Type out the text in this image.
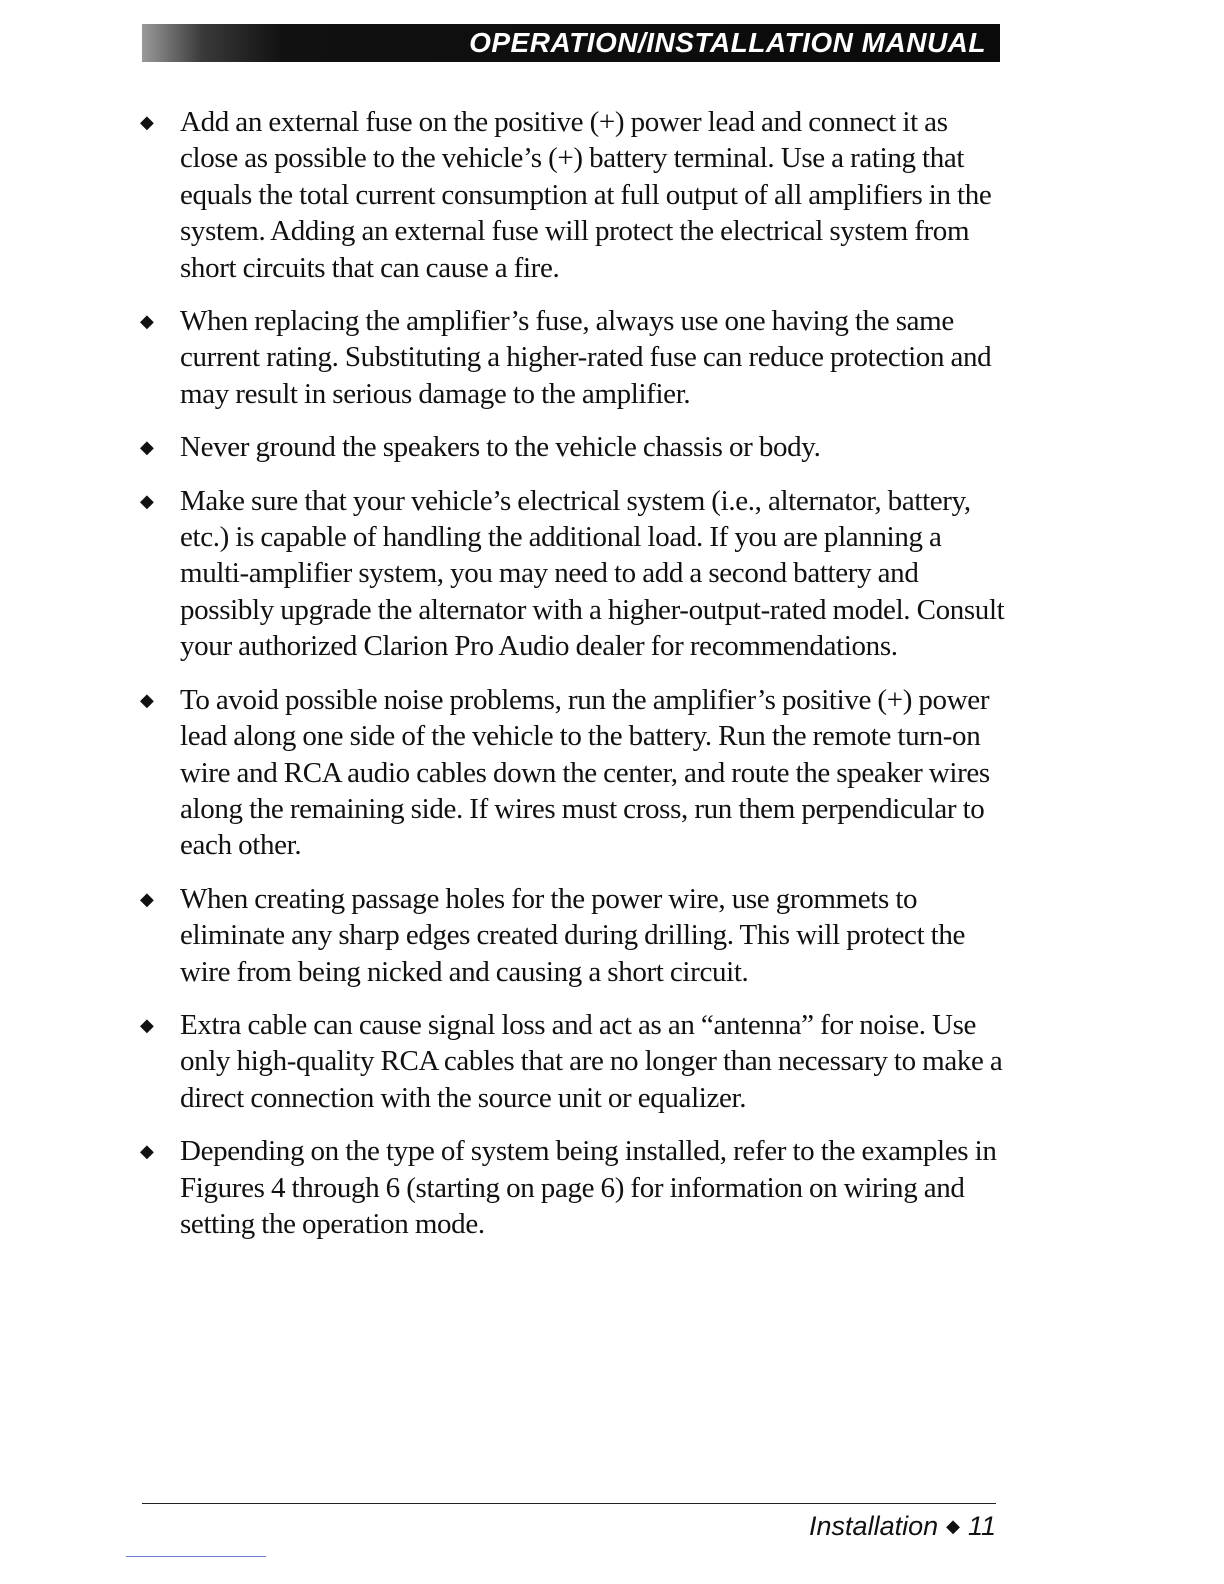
OPERATION/INSTALLATION MANUAL
◆ Add an external fuse on the positive (+) power lead and connect it as close as possible to the vehicle’s (+) battery terminal. Use a rating that equals the total current consumption at full output of all amplifiers in the system. Adding an external fuse will protect the electrical system from short circuits that can cause a fire.
◆ When replacing the amplifier’s fuse, always use one having the same current rating. Substituting a higher-rated fuse can reduce protection and may result in serious damage to the amplifier.
◆ Never ground the speakers to the vehicle chassis or body.
◆ Make sure that your vehicle’s electrical system (i.e., alternator, battery, etc.) is capable of handling the additional load. If you are planning a multi-amplifier system, you may need to add a second battery and possibly upgrade the alternator with a higher-output-rated model. Consult your authorized Clarion Pro Audio dealer for recommendations.
◆ To avoid possible noise problems, run the amplifier’s positive (+) power lead along one side of the vehicle to the battery. Run the remote turn-on wire and RCA audio cables down the center, and route the speaker wires along the remaining side. If wires must cross, run them perpendicular to each other.
◆ When creating passage holes for the power wire, use grommets to eliminate any sharp edges created during drilling. This will protect the wire from being nicked and causing a short circuit.
◆ Extra cable can cause signal loss and act as an “antenna” for noise. Use only high-quality RCA cables that are no longer than necessary to make a direct connection with the source unit or equalizer.
◆ Depending on the type of system being installed, refer to the examples in Figures 4 through 6 (starting on page 6) for information on wiring and setting the operation mode.
Installation ◆ 11
